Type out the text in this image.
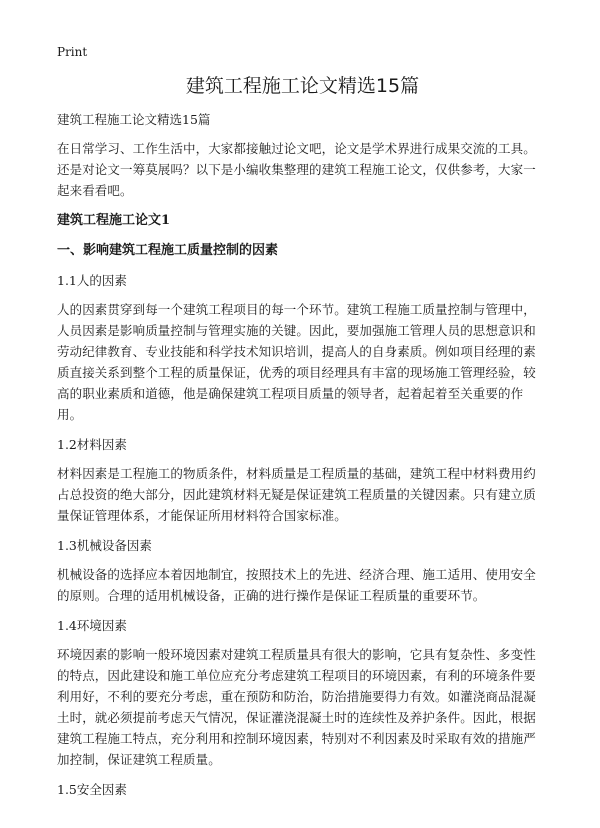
Print
建筑工程施工论文精选15篇
建筑工程施工论文精选15篇

在日常学习、工作生活中，大家都接触过论文吧，论文是学术界进行成果交流的工具。还是对论文一筹莫展吗？以下是小编收集整理的建筑工程施工论文，仅供参考，大家一起来看看吧。

建筑工程施工论文1
一、影响建筑工程施工质量控制的因素
1.1人的因素

人的因素贯穿到每一个建筑工程项目的每一个环节。建筑工程施工质量控制与管理中，人员因素是影响质量控制与管理实施的关键。因此，要加强施工管理人员的思想意识和劳动纪律教育、专业技能和科学技术知识培训，提高人的自身素质。例如项目经理的素质直接关系到整个工程的质量保证，优秀的项目经理具有丰富的现场施工管理经验，较高的职业素质和道德，他是确保建筑工程项目质量的领导者，起着起着至关重要的作用。

1.2材料因素

材料因素是工程施工的物质条件，材料质量是工程质量的基础，建筑工程中材料费用约占总投资的绝大部分，因此建筑材料无疑是保证建筑工程质量的关键因素。只有建立质量保证管理体系，才能保证所用材料符合国家标准。

1.3机械设备因素

机械设备的选择应本着因地制宜，按照技术上的先进、经济合理、施工适用、使用安全的原则。合理的适用机械设备，正确的进行操作是保证工程质量的重要环节。

1.4环境因素

环境因素的影响一般环境因素对建筑工程质量具有很大的影响，它具有复杂性、多变性的特点，因此建设和施工单位应充分考虑建筑工程项目的环境因素，有利的环境条件要利用好，不利的要充分考虑，重在预防和防治，防治措施要得力有效。如灌浇商品混凝土时，就必须提前考虑天气情况，保证灌浇混凝土时的连续性及养护条件。因此，根据建筑工程施工特点，充分利用和控制环境因素，特别对不利因素及时采取有效的措施严加控制，保证建筑工程质量。

1.5安全因素
